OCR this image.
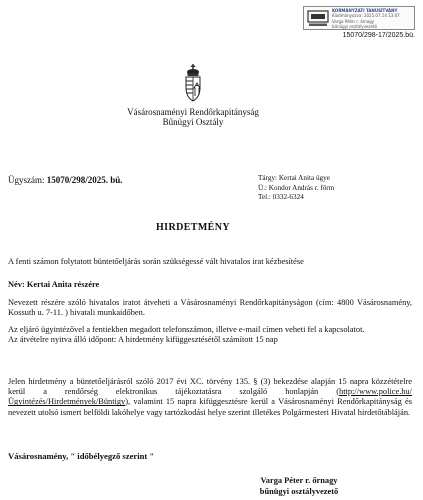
KORMÁNYZATI TANÚSÍTVÁNY
Kiadmányozva: 2025.07.14 13:07
Varga Péter r. őrnagy
bűnügyi osztályvezető
15070/298-17/2025.bü.
Vásárosnaményi Rendőrkapitányság
Bűnügyi Osztály
Ügyszám: 15070/298/2025. bü.	Tárgy: Kertai Anita ügye
Ü.: Kondor András r. főrm
Tel.: 0332-6324
HIRDETMÉNY
A fenti számon folytatott büntetőeljárás során szükségessé vált hivatalos irat kézbesítése
Név: Kertai Anita részére
Nevezett részére szóló hivatalos iratot átveheti a Vásárosnaményi Rendőrkapitányságon (cím: 4800 Vásárosnamény, Kossuth u. 7-11. ) hivatali munkaidőben.
Az eljáró ügyintézővel a fentiekben megadott telefonszámon, illetve e-mail címen veheti fel a kapcsolatot.
Az átvételre nyitva álló időpont: A hirdetmény kifüggesztésétől számított 15 nap
Jelen hirdetmény a büntetőeljárásról szóló 2017 évi XC. törvény 135. § (3) bekezdése alapján 15 napra közzétételre kerül a rendőrség elektronikus tájékoztatásra szolgáló honlapján (http://www.police.hu/Ügyintézés/Hirdetmények/Büntigy), valamint 15 napra kifüggesztésre kerül a Vásárosnaményi Rendőrkapitányság és nevezett utolsó ismert belföldi lakóhelye vagy tartózkodási helye szerint illetékes Polgármesteri Hivatal hirdetőtábláján.
Vásárosnamény, " időbélyegző szerint "
Varga Péter r. őrnagy
bűnügyi osztályvezető
